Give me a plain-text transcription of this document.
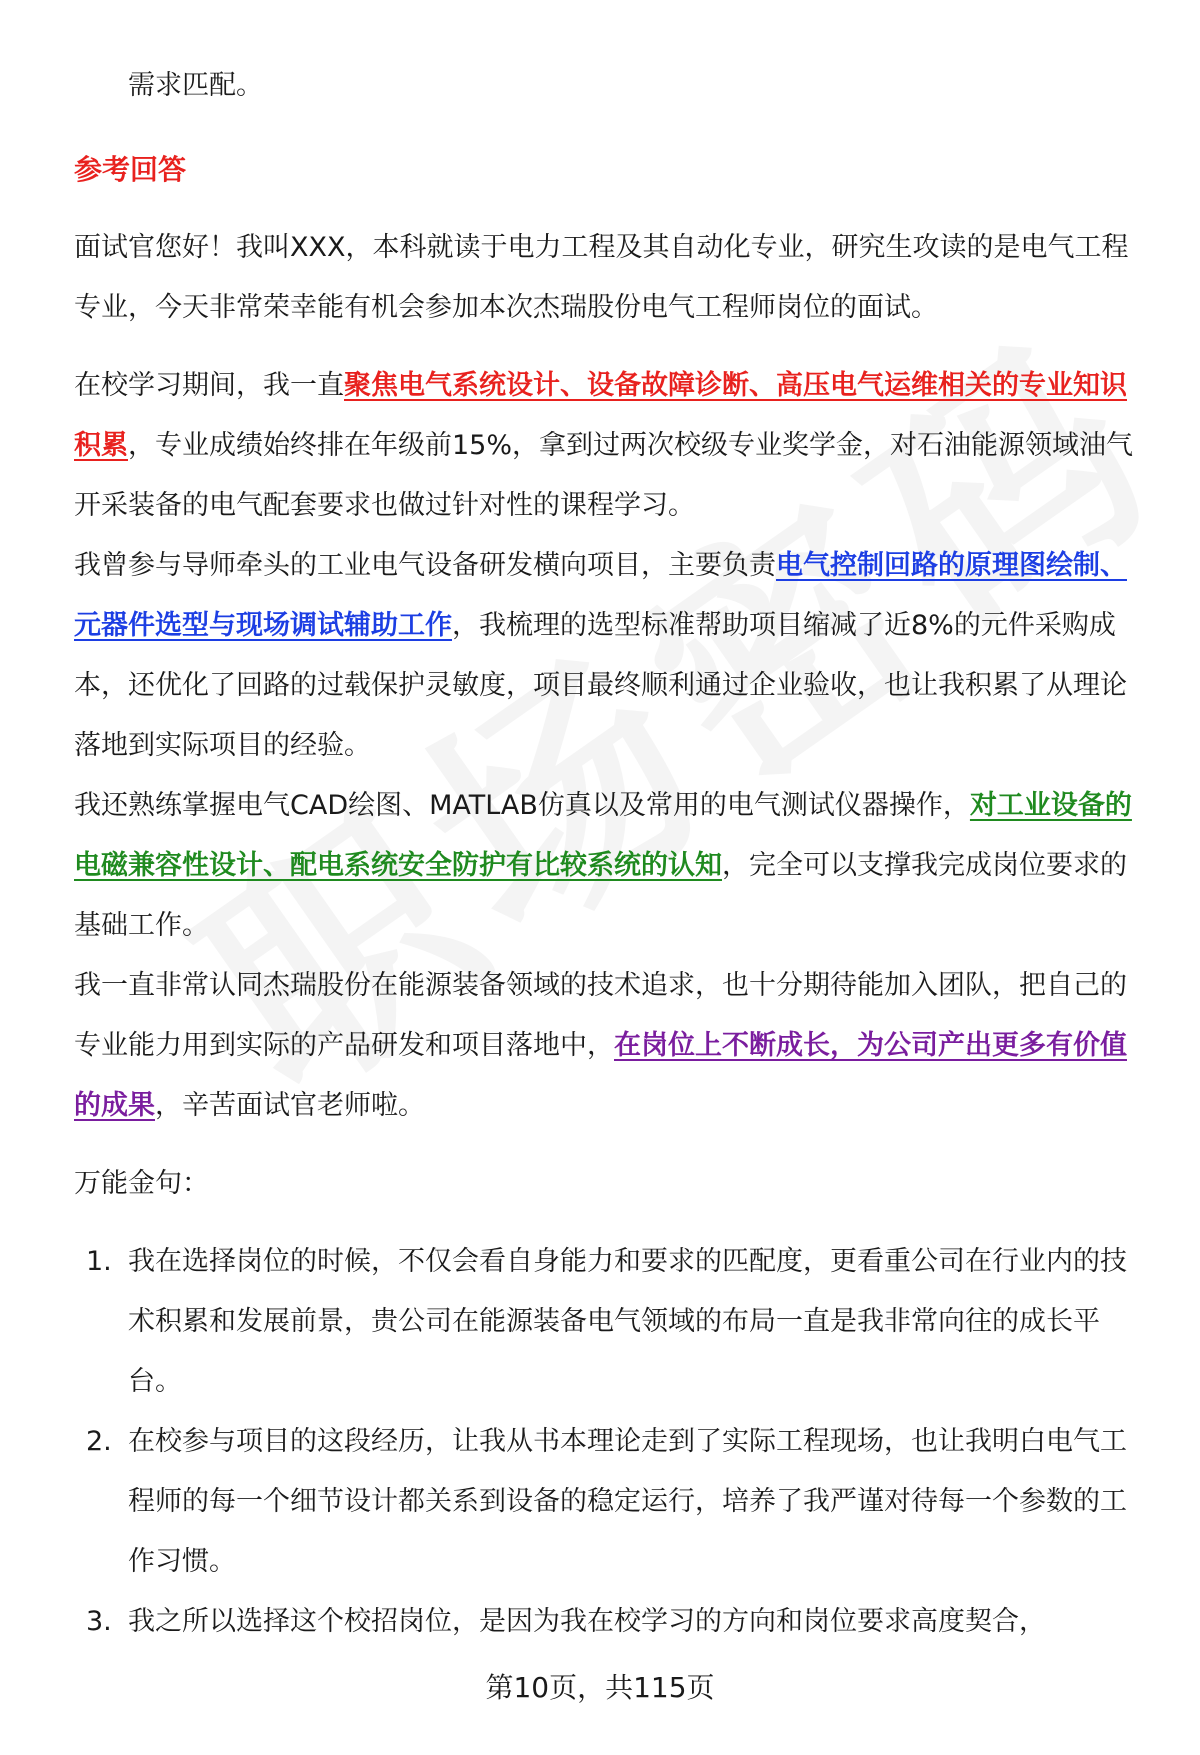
需求匹配。

参考回答

面试官您好！我叫XXX，本科就读于电力工程及其自动化专业，研究生攻读的是电气工程专业，今天非常荣幸能有机会参加本次杰瑞股份电气工程师岗位的面试。

在校学习期间，我一直聚焦电气系统设计、设备故障诊断、高压电气运维相关的专业知识积累，专业成绩始终排在年级前15%，拿到过两次校级专业奖学金，对石油能源领域油气开采装备的电气配套要求也做过针对性的课程学习。

我曾参与导师牵头的工业电气设备研发横向项目，主要负责电气控制回路的原理图绘制、元器件选型与现场调试辅助工作，我梳理的选型标准帮助项目缩减了近8%的元件采购成本，还优化了回路的过载保护灵敏度，项目最终顺利通过企业验收，也让我积累了从理论落地到实际项目的经验。

我还熟练掌握电气CAD绘图、MATLAB仿真以及常用的电气测试仪器操作，对工业设备的电磁兼容性设计、配电系统安全防护有比较系统的认知，完全可以支撑我完成岗位要求的基础工作。

我一直非常认同杰瑞股份在能源装备领域的技术追求，也十分期待能加入团队，把自己的专业能力用到实际的产品研发和项目落地中，在岗位上不断成长，为公司产出更多有价值的成果，辛苦面试官老师啦。

万能金句：

1. 我在选择岗位的时候，不仅会看自身能力和要求的匹配度，更看重公司在行业内的技术积累和发展前景，贵公司在能源装备电气领域的布局一直是我非常向往的成长平台。
2. 在校参与项目的这段经历，让我从书本理论走到了实际工程现场，也让我明白电气工程师的每一个细节设计都关系到设备的稳定运行，培养了我严谨对待每一个参数的工作习惯。
3. 我之所以选择这个校招岗位，是因为我在校学习的方向和岗位要求高度契合，
第10页，共115页
